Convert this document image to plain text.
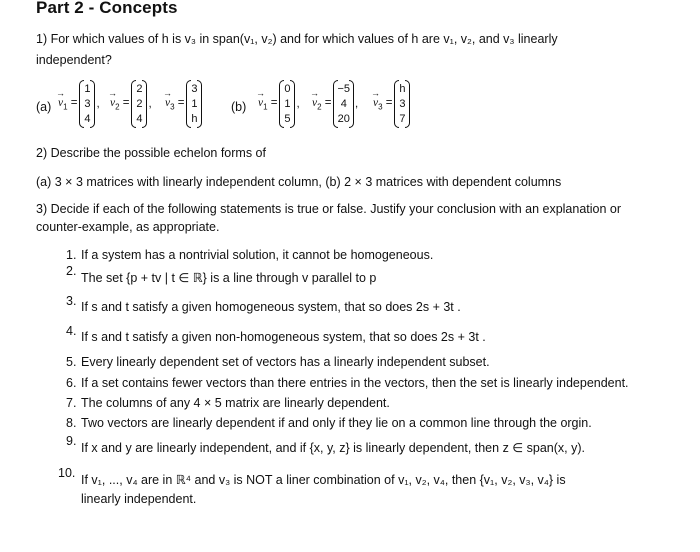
Part 2 - Concepts
1) For which values of h is v₃ in span(v₁, v₂) and for which values of h are v₁, v₂, and v₃ linearly
independent?
(a) $v \to_1$ =
1
3
4
, $v \to_2$ =
2
2
4
, $v \to_3$ =
3
1
h
(b) $v \to_1$ =
0
1
5
, $v \to_2$ =
−5
4
20
, $v \to_3$ =
h
3
7
2) Describe the possible echelon forms of
(a) 3 × 3 matrices with linearly independent column, (b) 2 × 3 matrices with dependent columns
3) Decide if each of the following statements is true or false. Justify your conclusion with an explanation or
counter-example, as appropriate.
1. If a system has a nontrivial solution, it cannot be homogeneous.
2. The set {p + tv | t ∈ ℝ} is a line through v parallel to p
3. If s and t satisfy a given homogeneous system, that so does 2s + 3t .
4. If s and t satisfy a given non-homogeneous system, that so does 2s + 3t .
5. Every linearly dependent set of vectors has a linearly independent subset.
6. If a set contains fewer vectors than there entries in the vectors, then the set is linearly independent.
7. The columns of any 4 × 5 matrix are linearly dependent.
8. Two vectors are linearly dependent if and only if they lie on a common line through the orgin.
9. If x and y are linearly independent, and if {x, y, z} is linearly dependent, then z ∈ span(x, y).
10. If v₁, ..., v₄ are in ℝ⁴ and v₃ is NOT a liner combination of v₁, v₂, v₄, then {v₁, v₂, v₃, v₄} is
linearly independent.
